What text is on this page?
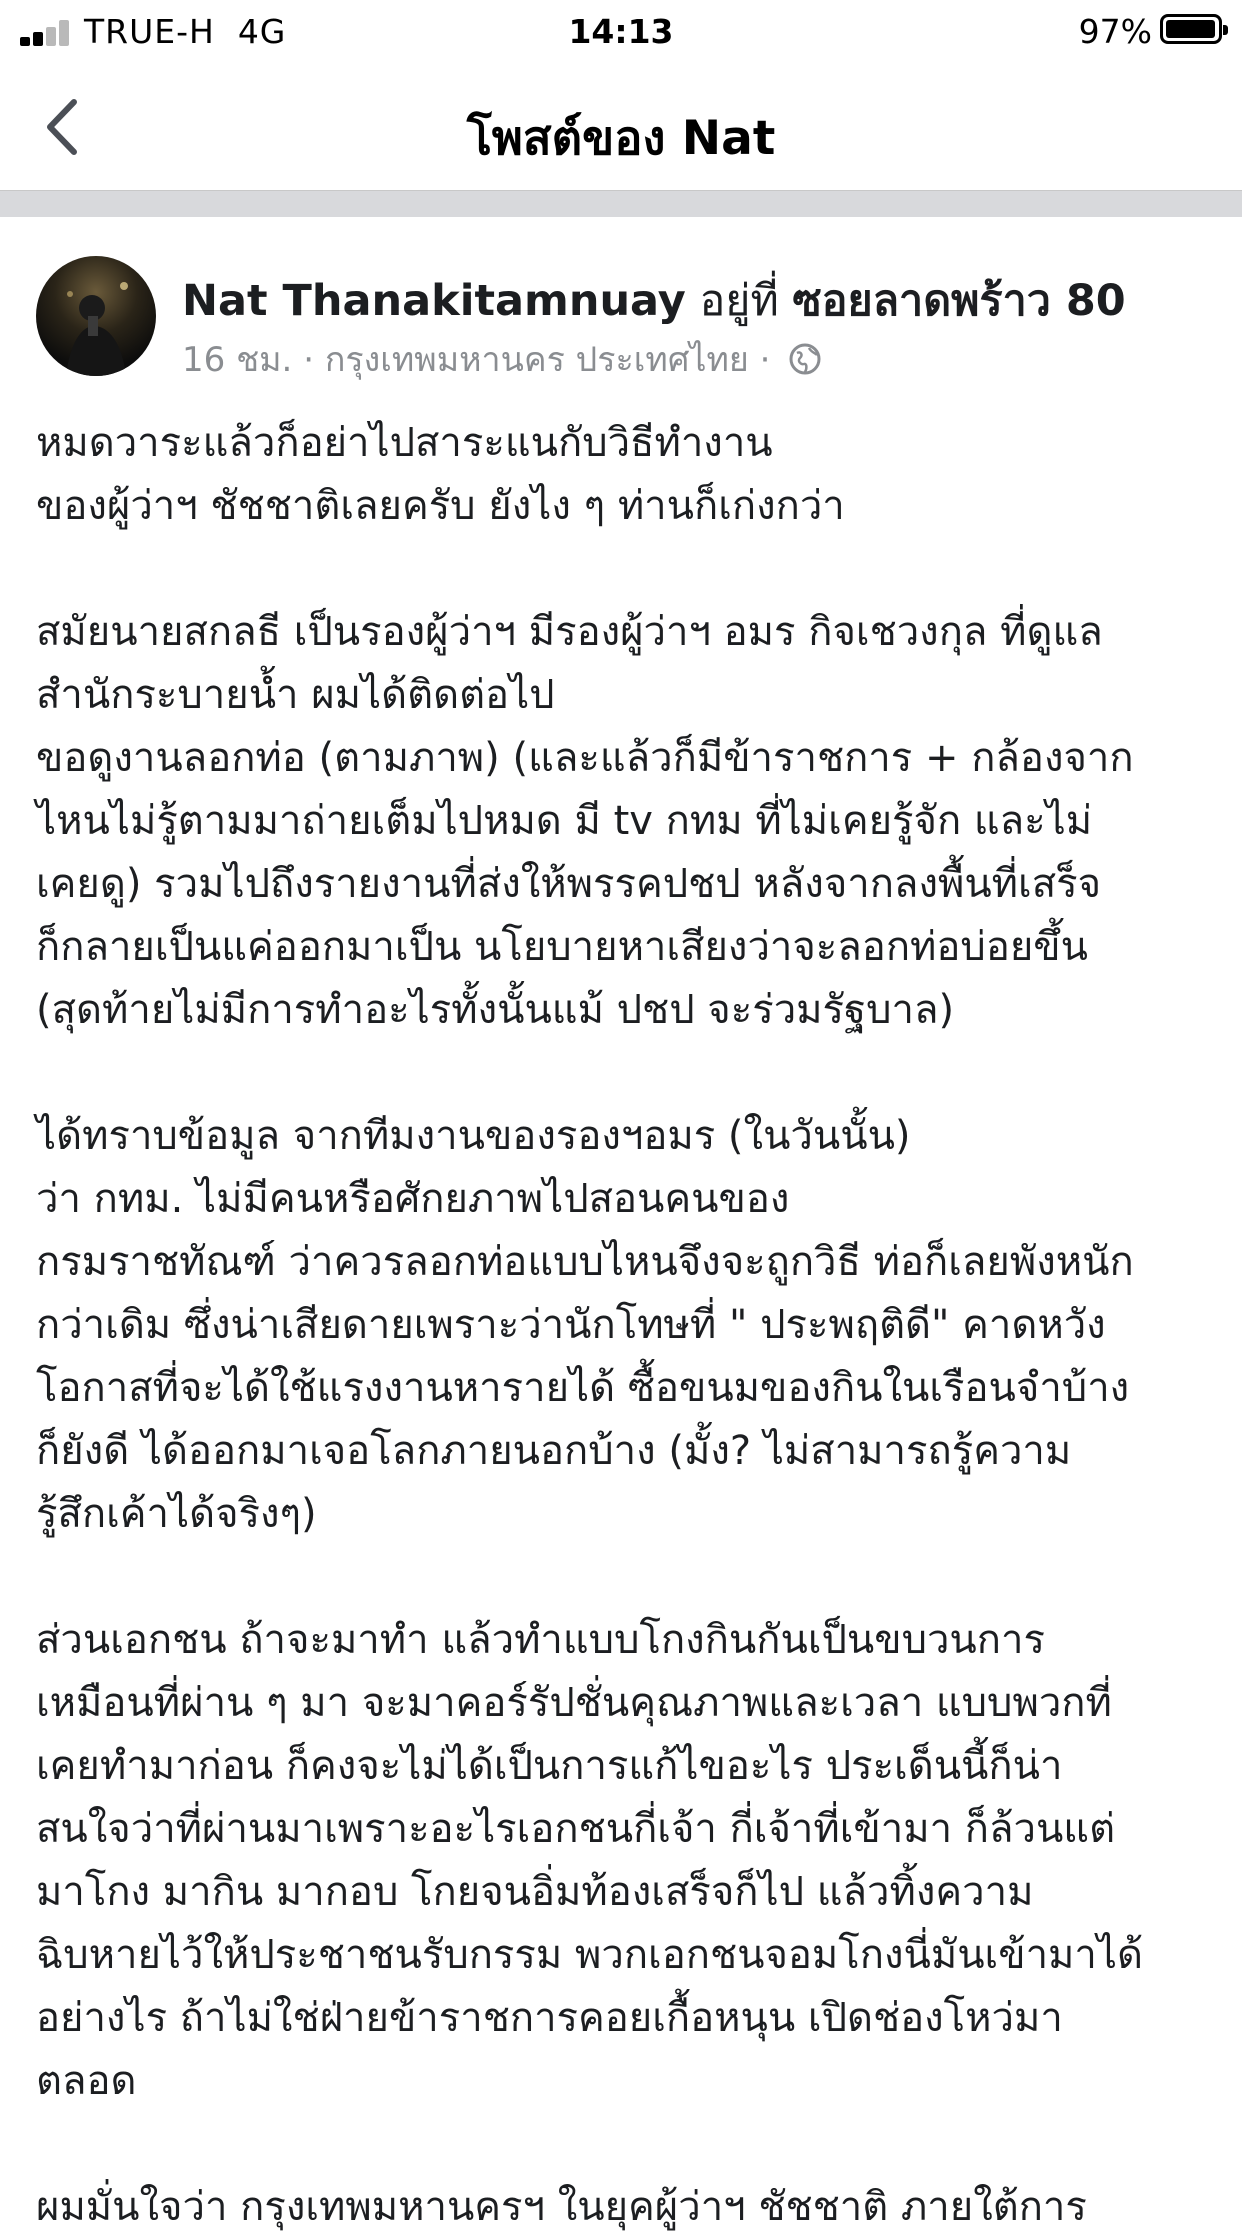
TRUE-H 4G	14:13	97%
โพสต์ของ Nat
Nat Thanakitamnuay อยู่ที่ ซอยลาดพร้าว 80
16 ชม. · กรุงเทพมหานคร ประเทศไทย ·
หมดวาระแล้วก็อย่าไปสาระแนกับวิธีทำงาน
ของผู้ว่าฯ ชัชชาติเลยครับ ยังไง ๆ ท่านก็เก่งกว่า
สมัยนายสกลธี เป็นรองผู้ว่าฯ มีรองผู้ว่าฯ อมร กิจเชวงกุล ที่ดูแล
สำนักระบายน้ำ ผมได้ติดต่อไป
ขอดูงานลอกท่อ (ตามภาพ) (และแล้วก็มีข้าราชการ + กล้องจาก
ไหนไม่รู้ตามมาถ่ายเต็มไปหมด มี tv กทม ที่ไม่เคยรู้จัก และไม่
เคยดู) รวมไปถึงรายงานที่ส่งให้พรรคปชป หลังจากลงพื้นที่เสร็จ
ก็กลายเป็นแค่ออกมาเป็น นโยบายหาเสียงว่าจะลอกท่อบ่อยขึ้น
(สุดท้ายไม่มีการทำอะไรทั้งนั้นแม้ ปชป จะร่วมรัฐบาล)
ได้ทราบข้อมูล จากทีมงานของรองฯอมร (ในวันนั้น)
ว่า กทม. ไม่มีคนหรือศักยภาพไปสอนคนของ
กรมราชทัณฑ์ ว่าควรลอกท่อแบบไหนจึงจะถูกวิธี ท่อก็เลยพังหนัก
กว่าเดิม ซึ่งน่าเสียดายเพราะว่านักโทษที่ " ประพฤติดี" คาดหวัง
โอกาสที่จะได้ใช้แรงงานหารายได้ ซื้อขนมของกินในเรือนจำบ้าง
ก็ยังดี ได้ออกมาเจอโลกภายนอกบ้าง (มั้ง? ไม่สามารถรู้ความ
รู้สึกเค้าได้จริงๆ)
ส่วนเอกชน ถ้าจะมาทำ แล้วทำแบบโกงกินกันเป็นขบวนการ
เหมือนที่ผ่าน ๆ มา จะมาคอร์รัปชั่นคุณภาพและเวลา แบบพวกที่
เคยทำมาก่อน ก็คงจะไม่ได้เป็นการแก้ไขอะไร ประเด็นนี้ก็น่า
สนใจว่าที่ผ่านมาเพราะอะไรเอกชนกี่เจ้า กี่เจ้าที่เข้ามา ก็ล้วนแต่
มาโกง มากิน มากอบ โกยจนอิ่มท้องเสร็จก็ไป แล้วทิ้งความ
ฉิบหายไว้ให้ประชาชนรับกรรม พวกเอกชนจอมโกงนี่มันเข้ามาได้
อย่างไร ถ้าไม่ใช่ฝ่ายข้าราชการคอยเกื้อหนุน เปิดช่องโหว่มา
ตลอด
ผมมั่นใจว่า กรุงเทพมหานครฯ ในยุคผู้ว่าฯ ชัชชาติ ภายใต้การ
